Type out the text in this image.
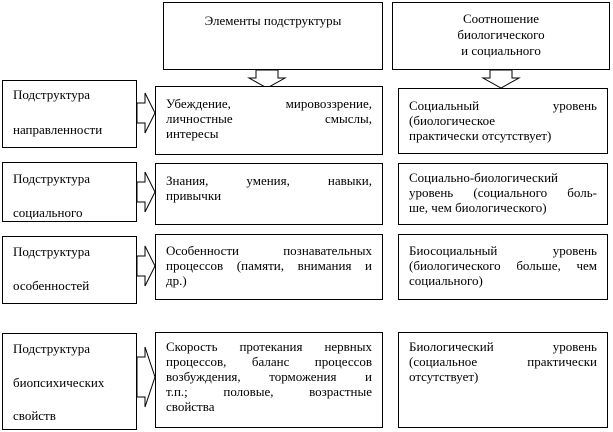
Элементы подструктуры	Соотношение
биологического
и социального
Подструктура
направленности
Убеждение, мировоззрение,
личностные смыслы,
интересы
Социальный уровень
(биологическое
практически отсутствует)
Подструктура
социального
Знания, умения, навыки,
привычки
Социально-биологический
уровень (социального боль-
ше, чем биологического)
Подструктура
особенностей
Особенности познавательных
процессов (памяти, внимания и
др.)
Биосоциальный уровень
(биологического больше, чем
социального)
Подструктура
биопсихических
свойств
Скорость протекания нервных
процессов, баланс процессов
возбуждения, торможения и
т.п.; половые, возрастные
свойства
Биологический уровень
(социальное практически
отсутствует)
